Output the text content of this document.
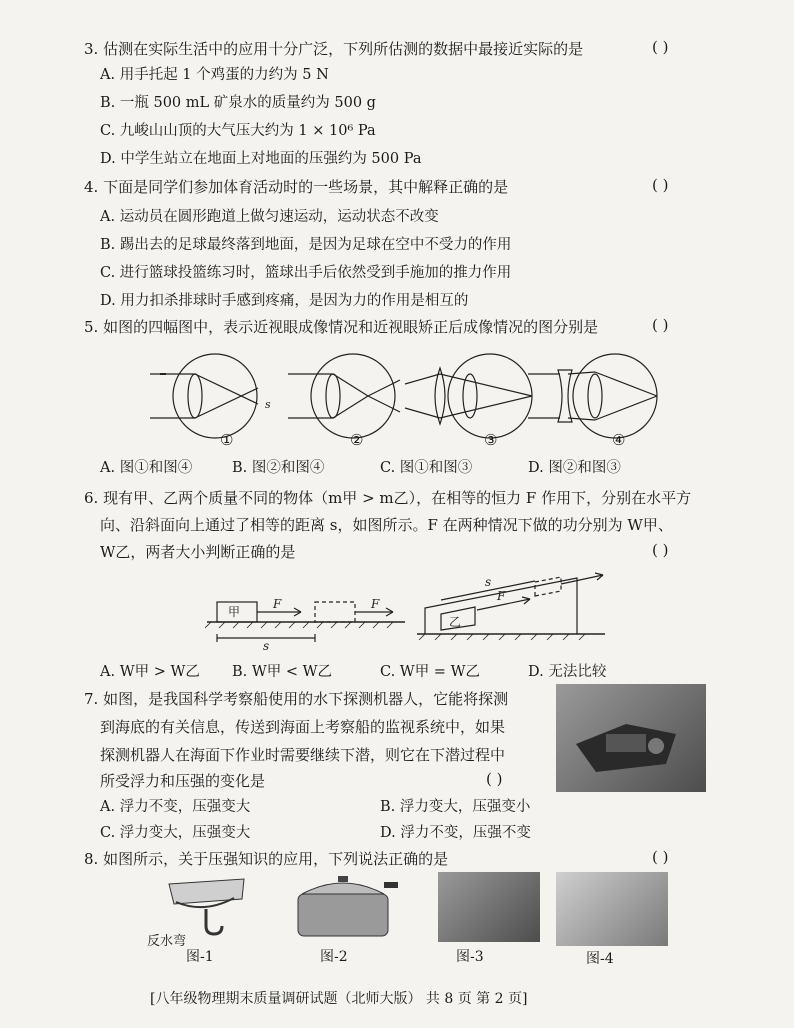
3. 估测在实际生活中的应用十分广泛，下列所估测的数据中最接近实际的是	( )
A. 用手托起 1 个鸡蛋的力约为 5 N
B. 一瓶 500 mL 矿泉水的质量约为 500 g
C. 九峻山山顶的大气压大约为 1 × 10⁶ Pa
D. 中学生站立在地面上对地面的压强约为 500 Pa
4. 下面是同学们参加体育活动时的一些场景，其中解释正确的是	( )
A. 运动员在圆形跑道上做匀速运动，运动状态不改变
B. 踢出去的足球最终落到地面，是因为足球在空中不受力的作用
C. 进行篮球投篮练习时，篮球出手后依然受到手施加的推力作用
D. 用力扣杀排球时手感到疼痛，是因为力的作用是相互的
5. 如图的四幅图中，表示近视眼成像情况和近视眼矫正后成像情况的图分别是	( )
s
①	②	③	④
A. 图①和图④	B. 图②和图④	C. 图①和图③	D. 图②和图③
6. 现有甲、乙两个质量不同的物体（m甲 > m乙），在相等的恒力 F 作用下，分别在水平方
向、沿斜面向上通过了相等的距离 s，如图所示。F 在两种情况下做的功分别为 W甲、
W乙，两者大小判断正确的是	( )
甲
F	F
s
乙
F
s
A. W甲 > W乙 B. W甲 < W乙	C. W甲 = W乙	D. 无法比较
7. 如图，是我国科学考察船使用的水下探测机器人，它能将探测
到海底的有关信息，传送到海面上考察船的监视系统中，如果
探测机器人在海面下作业时需要继续下潜，则它在下潜过程中
所受浮力和压强的变化是	( )
A. 浮力不变，压强变大	B. 浮力变大，压强变小
C. 浮力变大，压强变大	D. 浮力不变，压强不变
8. 如图所示，关于压强知识的应用，下列说法正确的是	( )
反水弯
图-1	图-2	图-3	图-4
[八年级物理期末质量调研试题（北师大版） 共 8 页 第 2 页]
